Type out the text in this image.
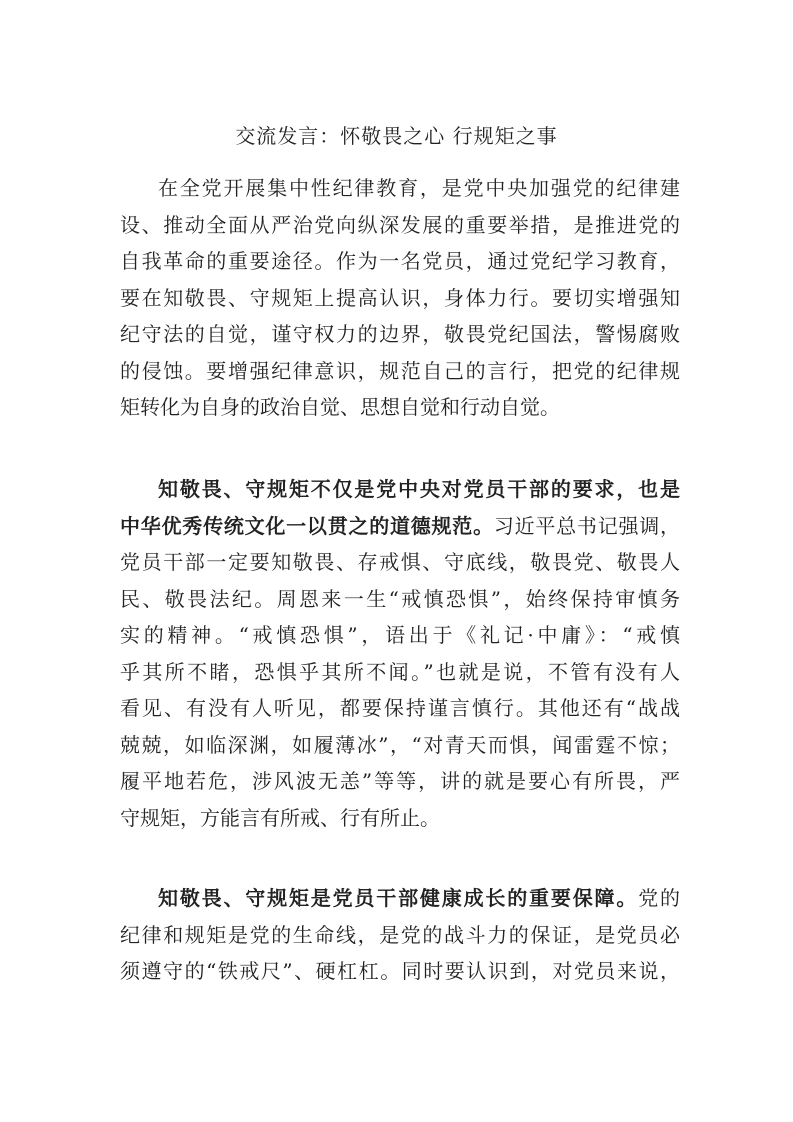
交流发言：怀敬畏之心 行规矩之事
在全党开展集中性纪律教育，是党中央加强党的纪律建
设、推动全面从严治党向纵深发展的重要举措，是推进党的
自我革命的重要途径。作为一名党员，通过党纪学习教育，
要在知敬畏、守规矩上提高认识，身体力行。要切实增强知
纪守法的自觉，谨守权力的边界，敬畏党纪国法，警惕腐败
的侵蚀。要增强纪律意识，规范自己的言行，把党的纪律规
矩转化为自身的政治自觉、思想自觉和行动自觉。
知敬畏、守规矩不仅是党中央对党员干部的要求，也是
中华优秀传统文化一以贯之的道德规范。习近平总书记强调，
党员干部一定要知敬畏、存戒惧、守底线，敬畏党、敬畏人
民、敬畏法纪。周恩来一生“戒慎恐惧”，始终保持审慎务
实的精神。“戒慎恐惧”，语出于《礼记·中庸》：“戒慎
乎其所不睹，恐惧乎其所不闻。”也就是说，不管有没有人
看见、有没有人听见，都要保持谨言慎行。其他还有“战战
兢兢，如临深渊，如履薄冰”，“对青天而惧，闻雷霆不惊；
履平地若危，涉风波无恙”等等，讲的就是要心有所畏，严
守规矩，方能言有所戒、行有所止。
知敬畏、守规矩是党员干部健康成长的重要保障。党的
纪律和规矩是党的生命线，是党的战斗力的保证，是党员必
须遵守的“铁戒尺”、硬杠杠。同时要认识到，对党员来说，
